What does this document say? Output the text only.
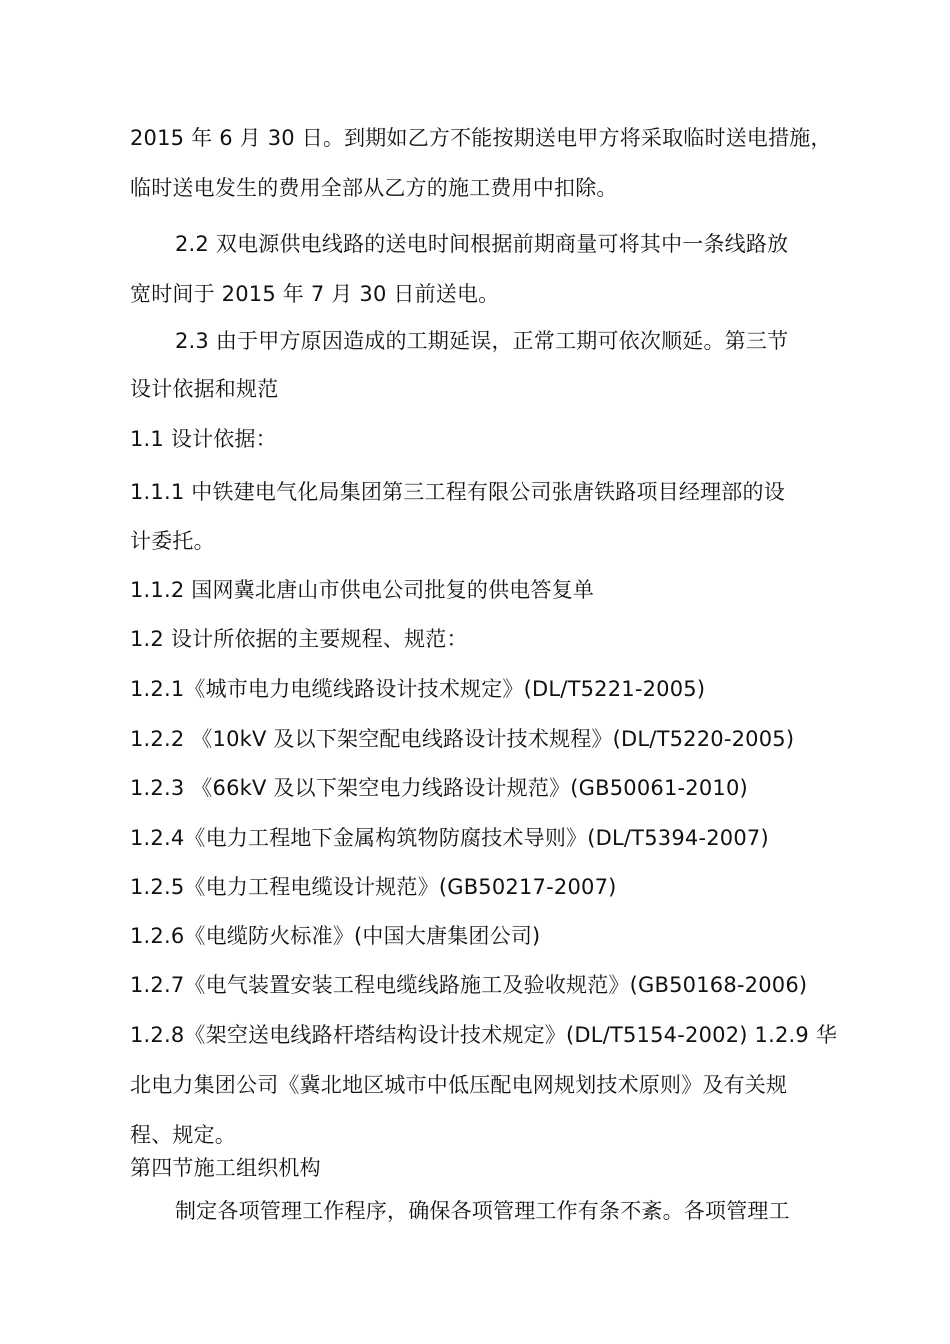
2015 年 6 月 30 日。到期如乙方不能按期送电甲方将采取临时送电措施，
临时送电发生的费用全部从乙方的施工费用中扣除。
2.2 双电源供电线路的送电时间根据前期商量可将其中一条线路放
宽时间于 2015 年 7 月 30 日前送电。
2.3 由于甲方原因造成的工期延误，正常工期可依次顺延。第三节
设计依据和规范
1.1 设计依据：
1.1.1 中铁建电气化局集团第三工程有限公司张唐铁路项目经理部的设
计委托。
1.1.2 国网冀北唐山市供电公司批复的供电答复单
1.2 设计所依据的主要规程、规范：
1.2.1《城市电力电缆线路设计技术规定》(DL/T5221-2005)
1.2.2 《10kV 及以下架空配电线路设计技术规程》(DL/T5220-2005)
1.2.3 《66kV 及以下架空电力线路设计规范》(GB50061-2010)
1.2.4《电力工程地下金属构筑物防腐技术导则》(DL/T5394-2007)
1.2.5《电力工程电缆设计规范》(GB50217-2007)
1.2.6《电缆防火标准》(中国大唐集团公司)
1.2.7《电气装置安装工程电缆线路施工及验收规范》(GB50168-2006)
1.2.8《架空送电线路杆塔结构设计技术规定》(DL/T5154-2002) 1.2.9 华
北电力集团公司《冀北地区城市中低压配电网规划技术原则》及有关规
程、规定。
第四节施工组织机构
制定各项管理工作程序，确保各项管理工作有条不紊。各项管理工
